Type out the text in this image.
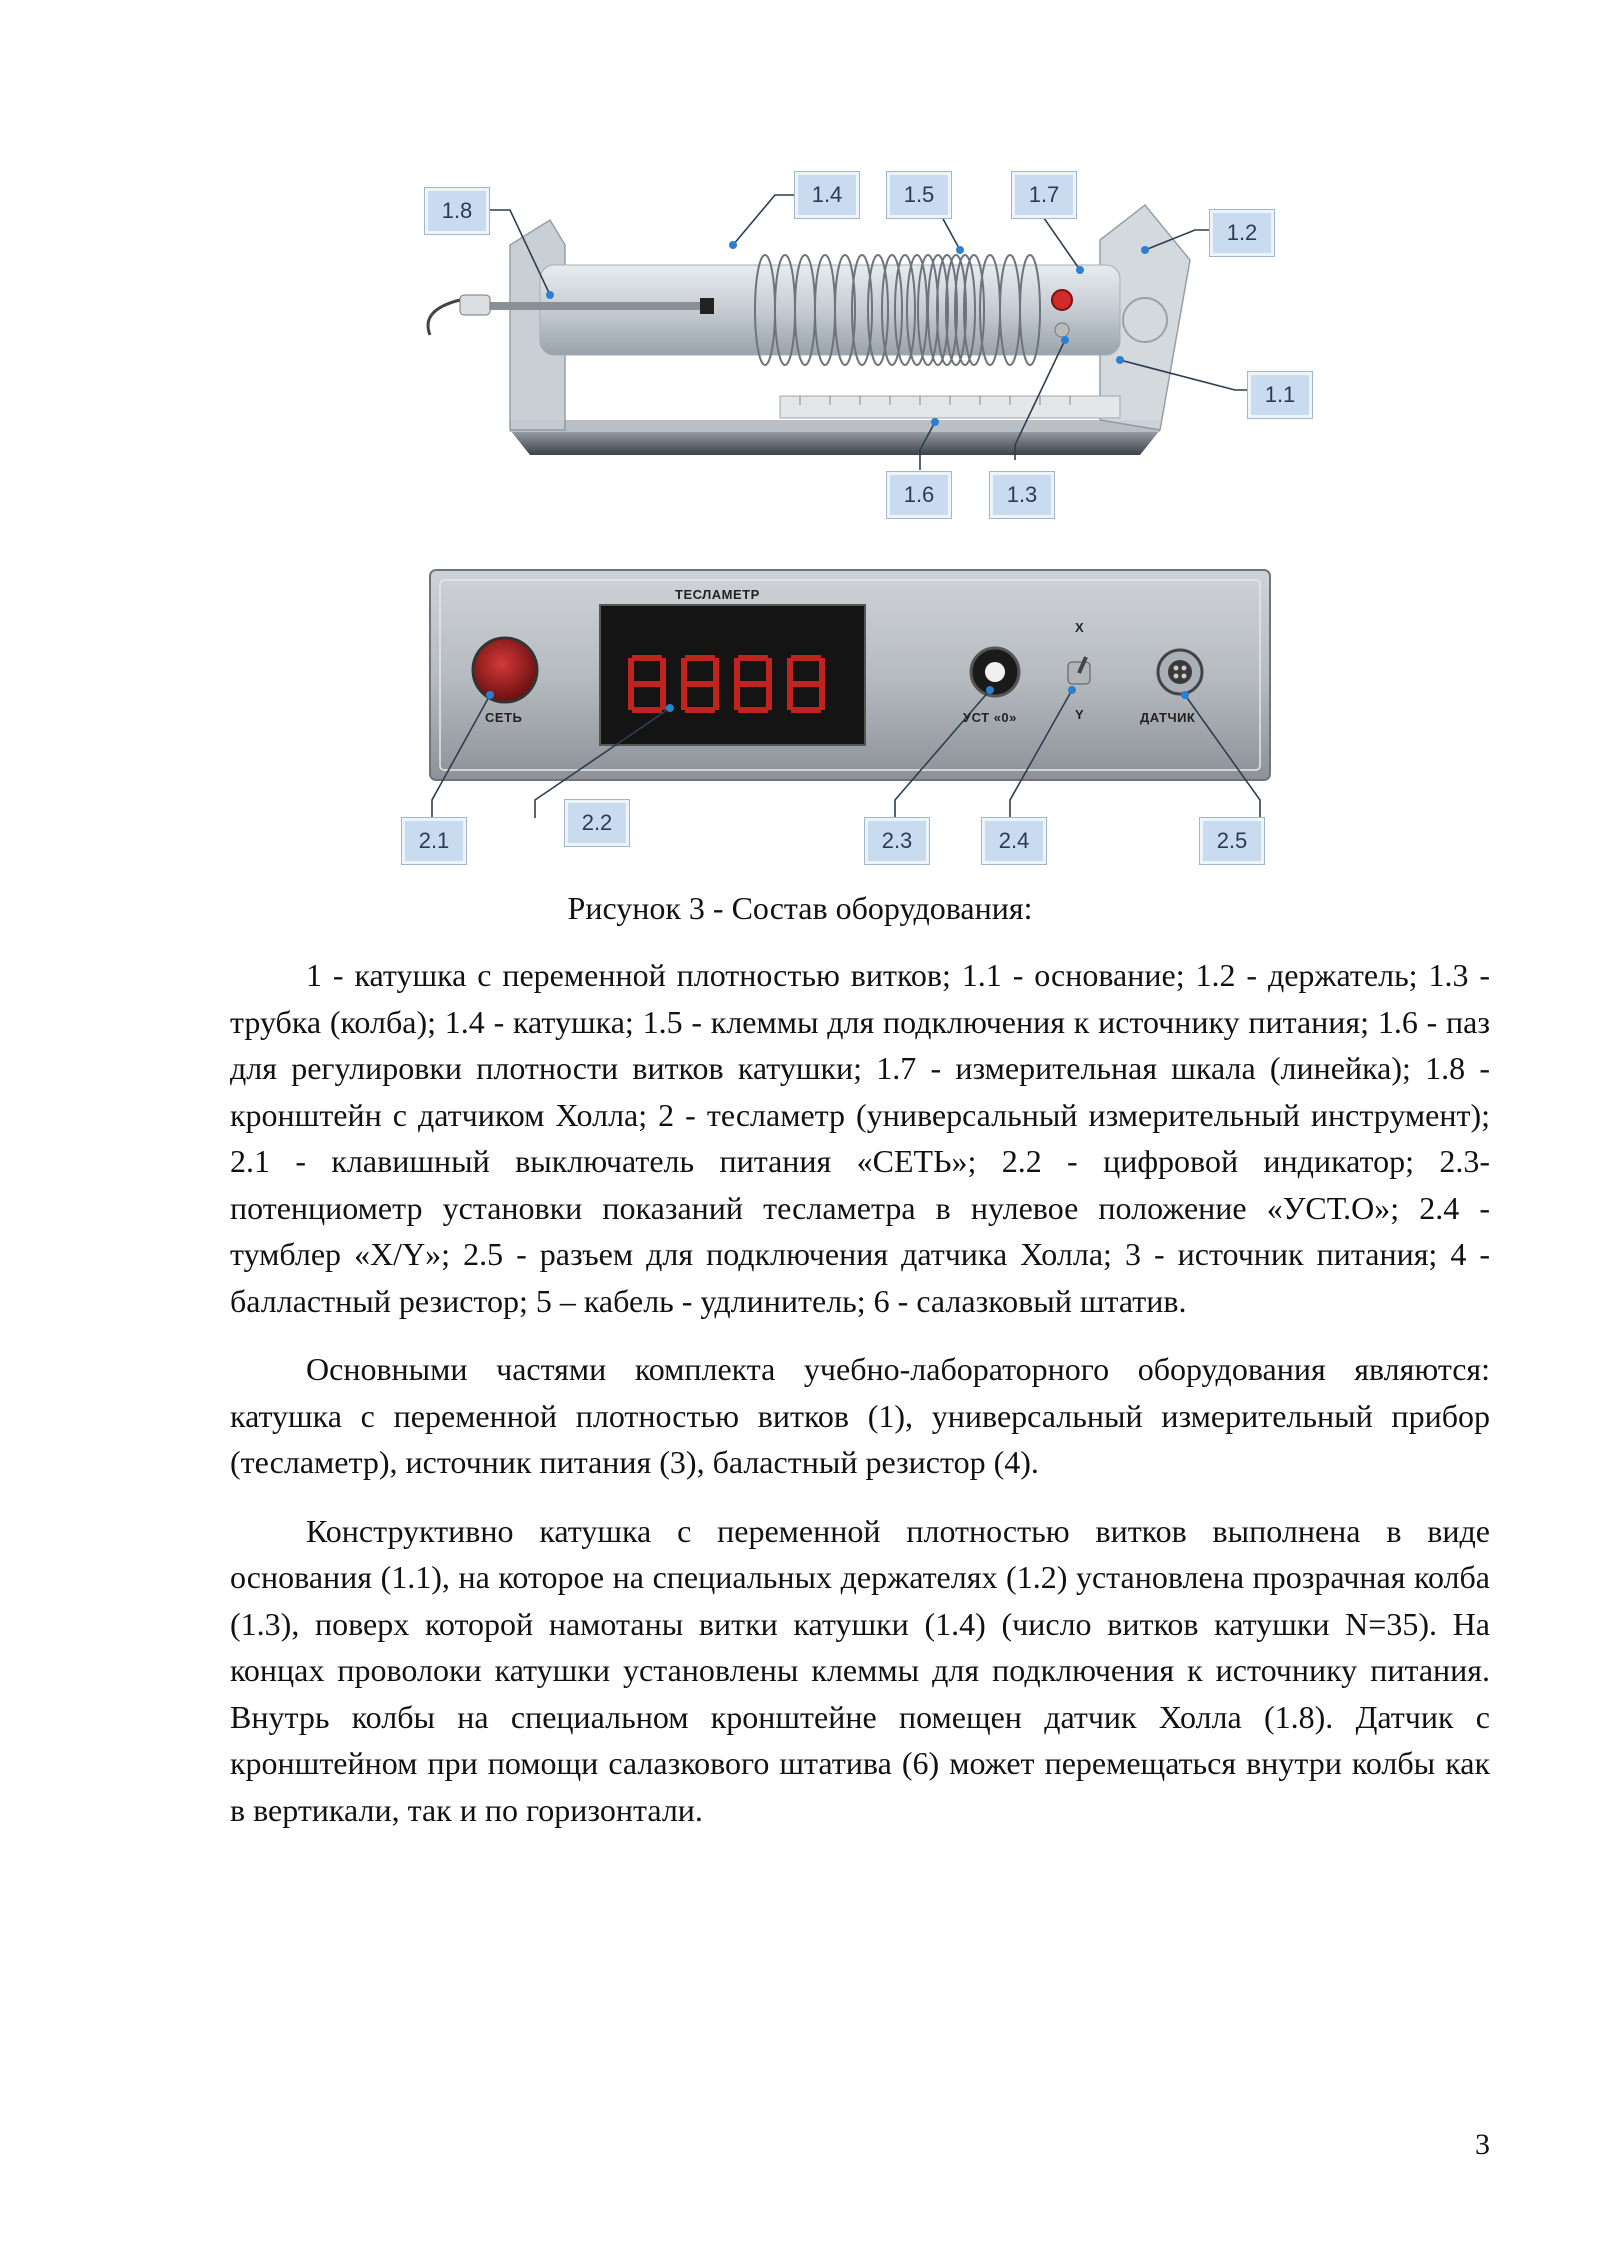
ТЕСЛАМЕТР
СЕТЬ	УСТ «0»
X
Y	ДАТЧИК
1.8
1.4	1.5	1.7
1.2
1.1
1.6	1.3
2.1
2.2
2.3	2.4	2.5
Рисунок 3 - Состав оборудования:

1 - катушка с переменной плотностью витков; 1.1 - основание; 1.2 - держатель; 1.3 - трубка (колба); 1.4 - катушка; 1.5 - клеммы для подключения к источнику питания; 1.6 - паз для регулировки плотности витков катушки; 1.7 - измерительная шкала (линейка); 1.8 - кронштейн с датчиком Холла; 2 - тесламетр (универсальный измерительный инструмент); 2.1 - клавишный выключатель питания «СЕТЬ»; 2.2 - цифровой индикатор; 2.3- потенциометр установки показаний тесламетра в нулевое положение «УСТ.О»; 2.4 - тумблер «X/Y»; 2.5 - разъем для подключения датчика Холла; 3 - источник питания; 4 - балластный резистор; 5 – кабель - удлинитель; 6 - салазковый штатив.

Основными частями комплекта учебно-лабораторного оборудования являются: катушка с переменной плотностью витков (1), универсальный измерительный прибор (тесламетр), источник питания (3), баластный резистор (4).

Конструктивно катушка с переменной плотностью витков выполнена в виде основания (1.1), на которое на специальных держателях (1.2) установлена прозрачная колба (1.3), поверх которой намотаны витки катушки (1.4) (число витков катушки N=35). На концах проволоки катушки установлены клеммы для подключения к источнику питания. Внутрь колбы на специальном кронштейне помещен датчик Холла (1.8). Датчик с кронштейном при помощи салазкового штатива (6) может перемещаться внутри колбы как в вертикали, так и по горизонтали.

3
